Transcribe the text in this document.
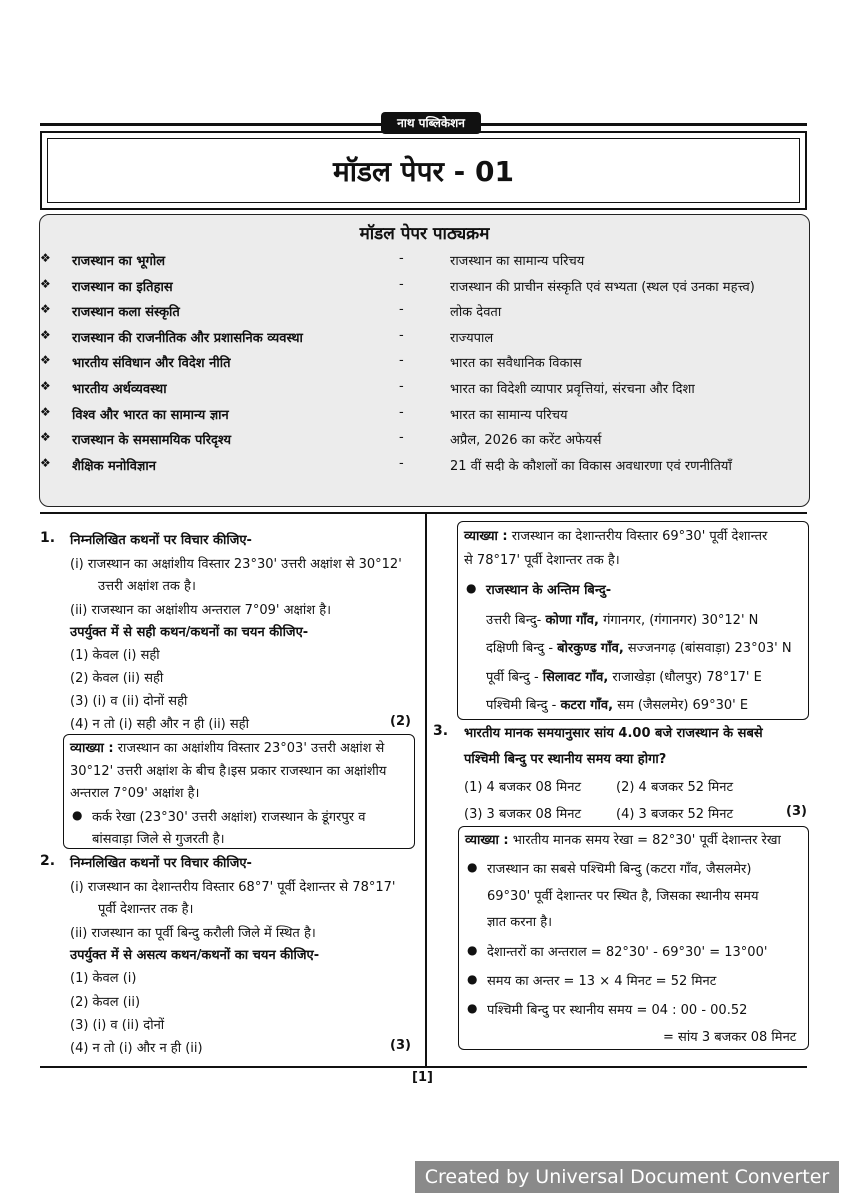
नाथ पब्लिकेशन
मॉडल पेपर - 01
मॉडल पेपर पाठ्यक्रम
❖ राजस्थान का भूगोल	-	राजस्थान का सामान्य परिचय
❖ राजस्थान का इतिहास	-	राजस्थान की प्राचीन संस्कृति एवं सभ्यता (स्थल एवं उनका महत्त्व)
❖ राजस्थान कला संस्कृति	-	लोक देवता
❖ राजस्थान की राजनीतिक और प्रशासनिक व्यवस्था	-	राज्यपाल
❖ भारतीय संविधान और विदेश नीति	-	भारत का सवैधानिक विकास
❖ भारतीय अर्थव्यवस्था	-	भारत का विदेशी व्यापार प्रवृत्तियां, संरचना और दिशा
❖ विश्व और भारत का सामान्य ज्ञान	-	भारत का सामान्य परिचय
❖ राजस्थान के समसामयिक परिदृश्य	-	अप्रैल, 2026 का करेंट अफेयर्स
❖ शैक्षिक मनोविज्ञान	-	21 वीं सदी के कौशलों का विकास अवधारणा एवं रणनीतियाँ
1. निम्नलिखित कथनों पर विचार कीजिए-
(i) राजस्थान का अक्षांशीय विस्तार 23°30' उत्तरी अक्षांश से 30°12'
उत्तरी अक्षांश तक है।
(ii) राजस्थान का अक्षांशीय अन्तराल 7°09' अक्षांश है।
उपर्युक्त में से सही कथन/कथनों का चयन कीजिए-
(1) केवल (i) सही
(2) केवल (ii) सही
(3) (i) व (ii) दोनों सही
(4) न तो (i) सही और न ही (ii) सही	(2)
व्याख्या : राजस्थान का अक्षांशीय विस्तार 23°03' उत्तरी अक्षांश से
30°12' उत्तरी अक्षांश के बीच है।इस प्रकार राजस्थान का अक्षांशीय
अन्तराल 7°09' अक्षांश है।
● कर्क रेखा (23°30' उत्तरी अक्षांश) राजस्थान के डूंगरपुर व
बांसवाड़ा जिले से गुजरती है।
2. निम्नलिखित कथनों पर विचार कीजिए-
(i) राजस्थान का देशान्तरीय विस्तार 68°7' पूर्वी देशान्तर से 78°17'
पूर्वी देशान्तर तक है।
(ii) राजस्थान का पूर्वी बिन्दु करौली जिले में स्थित है।
उपर्युक्त में से असत्य कथन/कथनों का चयन कीजिए-
(1) केवल (i)
(2) केवल (ii)
(3) (i) व (ii) दोनों
(4) न तो (i) और न ही (ii)	(3)
व्याख्या : राजस्थान का देशान्तरीय विस्तार 69°30' पूर्वी देशान्तर
से 78°17' पूर्वी देशान्तर तक है।
● राजस्थान के अन्तिम बिन्दु-
उत्तरी बिन्दु- कोणा गाँव, गंगानगर, (गंगानगर) 30°12' N
दक्षिणी बिन्दु - बोरकुण्ड गाँव, सज्जनगढ़ (बांसवाड़ा) 23°03' N
पूर्वी बिन्दु - सिलावट गाँव, राजाखेड़ा (धौलपुर) 78°17' E
पश्चिमी बिन्दु - कटरा गाँव, सम (जैसलमेर) 69°30' E
3. भारतीय मानक समयानुसार सांय 4.00 बजे राजस्थान के सबसे
पश्चिमी बिन्दु पर स्थानीय समय क्या होगा?
(1) 4 बजकर 08 मिनट	(2) 4 बजकर 52 मिनट
(3) 3 बजकर 08 मिनट	(4) 3 बजकर 52 मिनट	(3)
व्याख्या : भारतीय मानक समय रेखा = 82°30' पूर्वी देशान्तर रेखा
● राजस्थान का सबसे पश्चिमी बिन्दु (कटरा गाँव, जैसलमेर)
69°30' पूर्वी देशान्तर पर स्थित है, जिसका स्थानीय समय
ज्ञात करना है।
● देशान्तरों का अन्तराल = 82°30' - 69°30' = 13°00'
● समय का अन्तर = 13 × 4 मिनट = 52 मिनट
● पश्चिमी बिन्दु पर स्थानीय समय = 04 : 00 - 00.52
= सांय 3 बजकर 08 मिनट
[1]
Created by Universal Document Converter
